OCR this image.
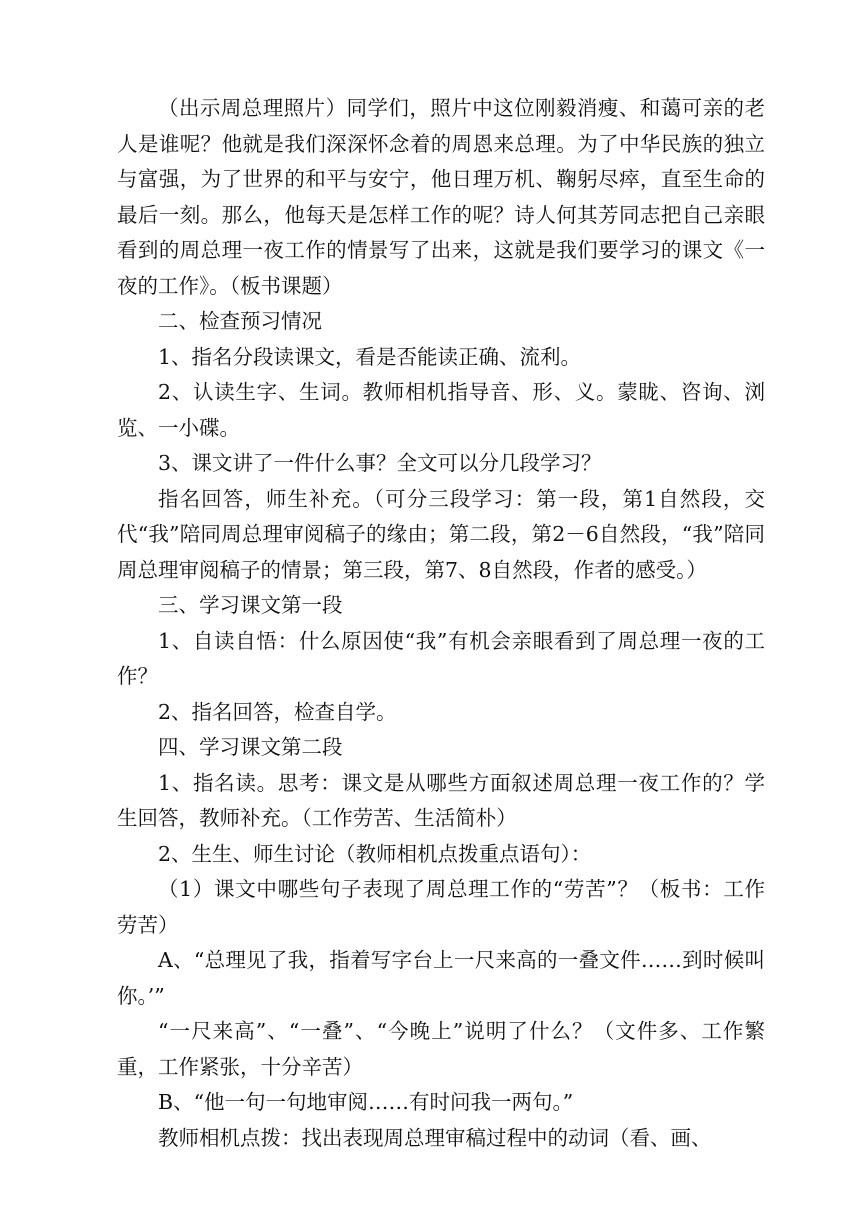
（出示周总理照片）同学们，照片中这位刚毅消瘦、和蔼可亲的老人是谁呢？他就是我们深深怀念着的周恩来总理。为了中华民族的独立与富强，为了世界的和平与安宁，他日理万机、鞠躬尽瘁，直至生命的最后一刻。那么，他每天是怎样工作的呢？诗人何其芳同志把自己亲眼看到的周总理一夜工作的情景写了出来，这就是我们要学习的课文《一夜的工作》。（板书课题）

二、检查预习情况

1、指名分段读课文，看是否能读正确、流利。

2、认读生字、生词。教师相机指导音、形、义。蒙眬、咨询、浏览、一小碟。

3、课文讲了一件什么事？全文可以分几段学习？

指名回答，师生补充。（可分三段学习：第一段，第1自然段，交代“我”陪同周总理审阅稿子的缘由；第二段，第2－6自然段，“我”陪同周总理审阅稿子的情景；第三段，第7、8自然段，作者的感受。）

三、学习课文第一段

1、自读自悟：什么原因使“我”有机会亲眼看到了周总理一夜的工作？

2、指名回答，检查自学。

四、学习课文第二段

1、指名读。思考：课文是从哪些方面叙述周总理一夜工作的？学生回答，教师补充。（工作劳苦、生活简朴）

2、生生、师生讨论（教师相机点拨重点语句）：

（1）课文中哪些句子表现了周总理工作的“劳苦”？（板书：工作劳苦）

A、“总理见了我，指着写字台上一尺来高的一叠文件……到时候叫你。’”

“一尺来高”、“一叠”、“今晚上”说明了什么？（文件多、工作繁重，工作紧张，十分辛苦）

B、“他一句一句地审阅……有时问我一两句。”

教师相机点拨：找出表现周总理审稿过程中的动词（看、画、
